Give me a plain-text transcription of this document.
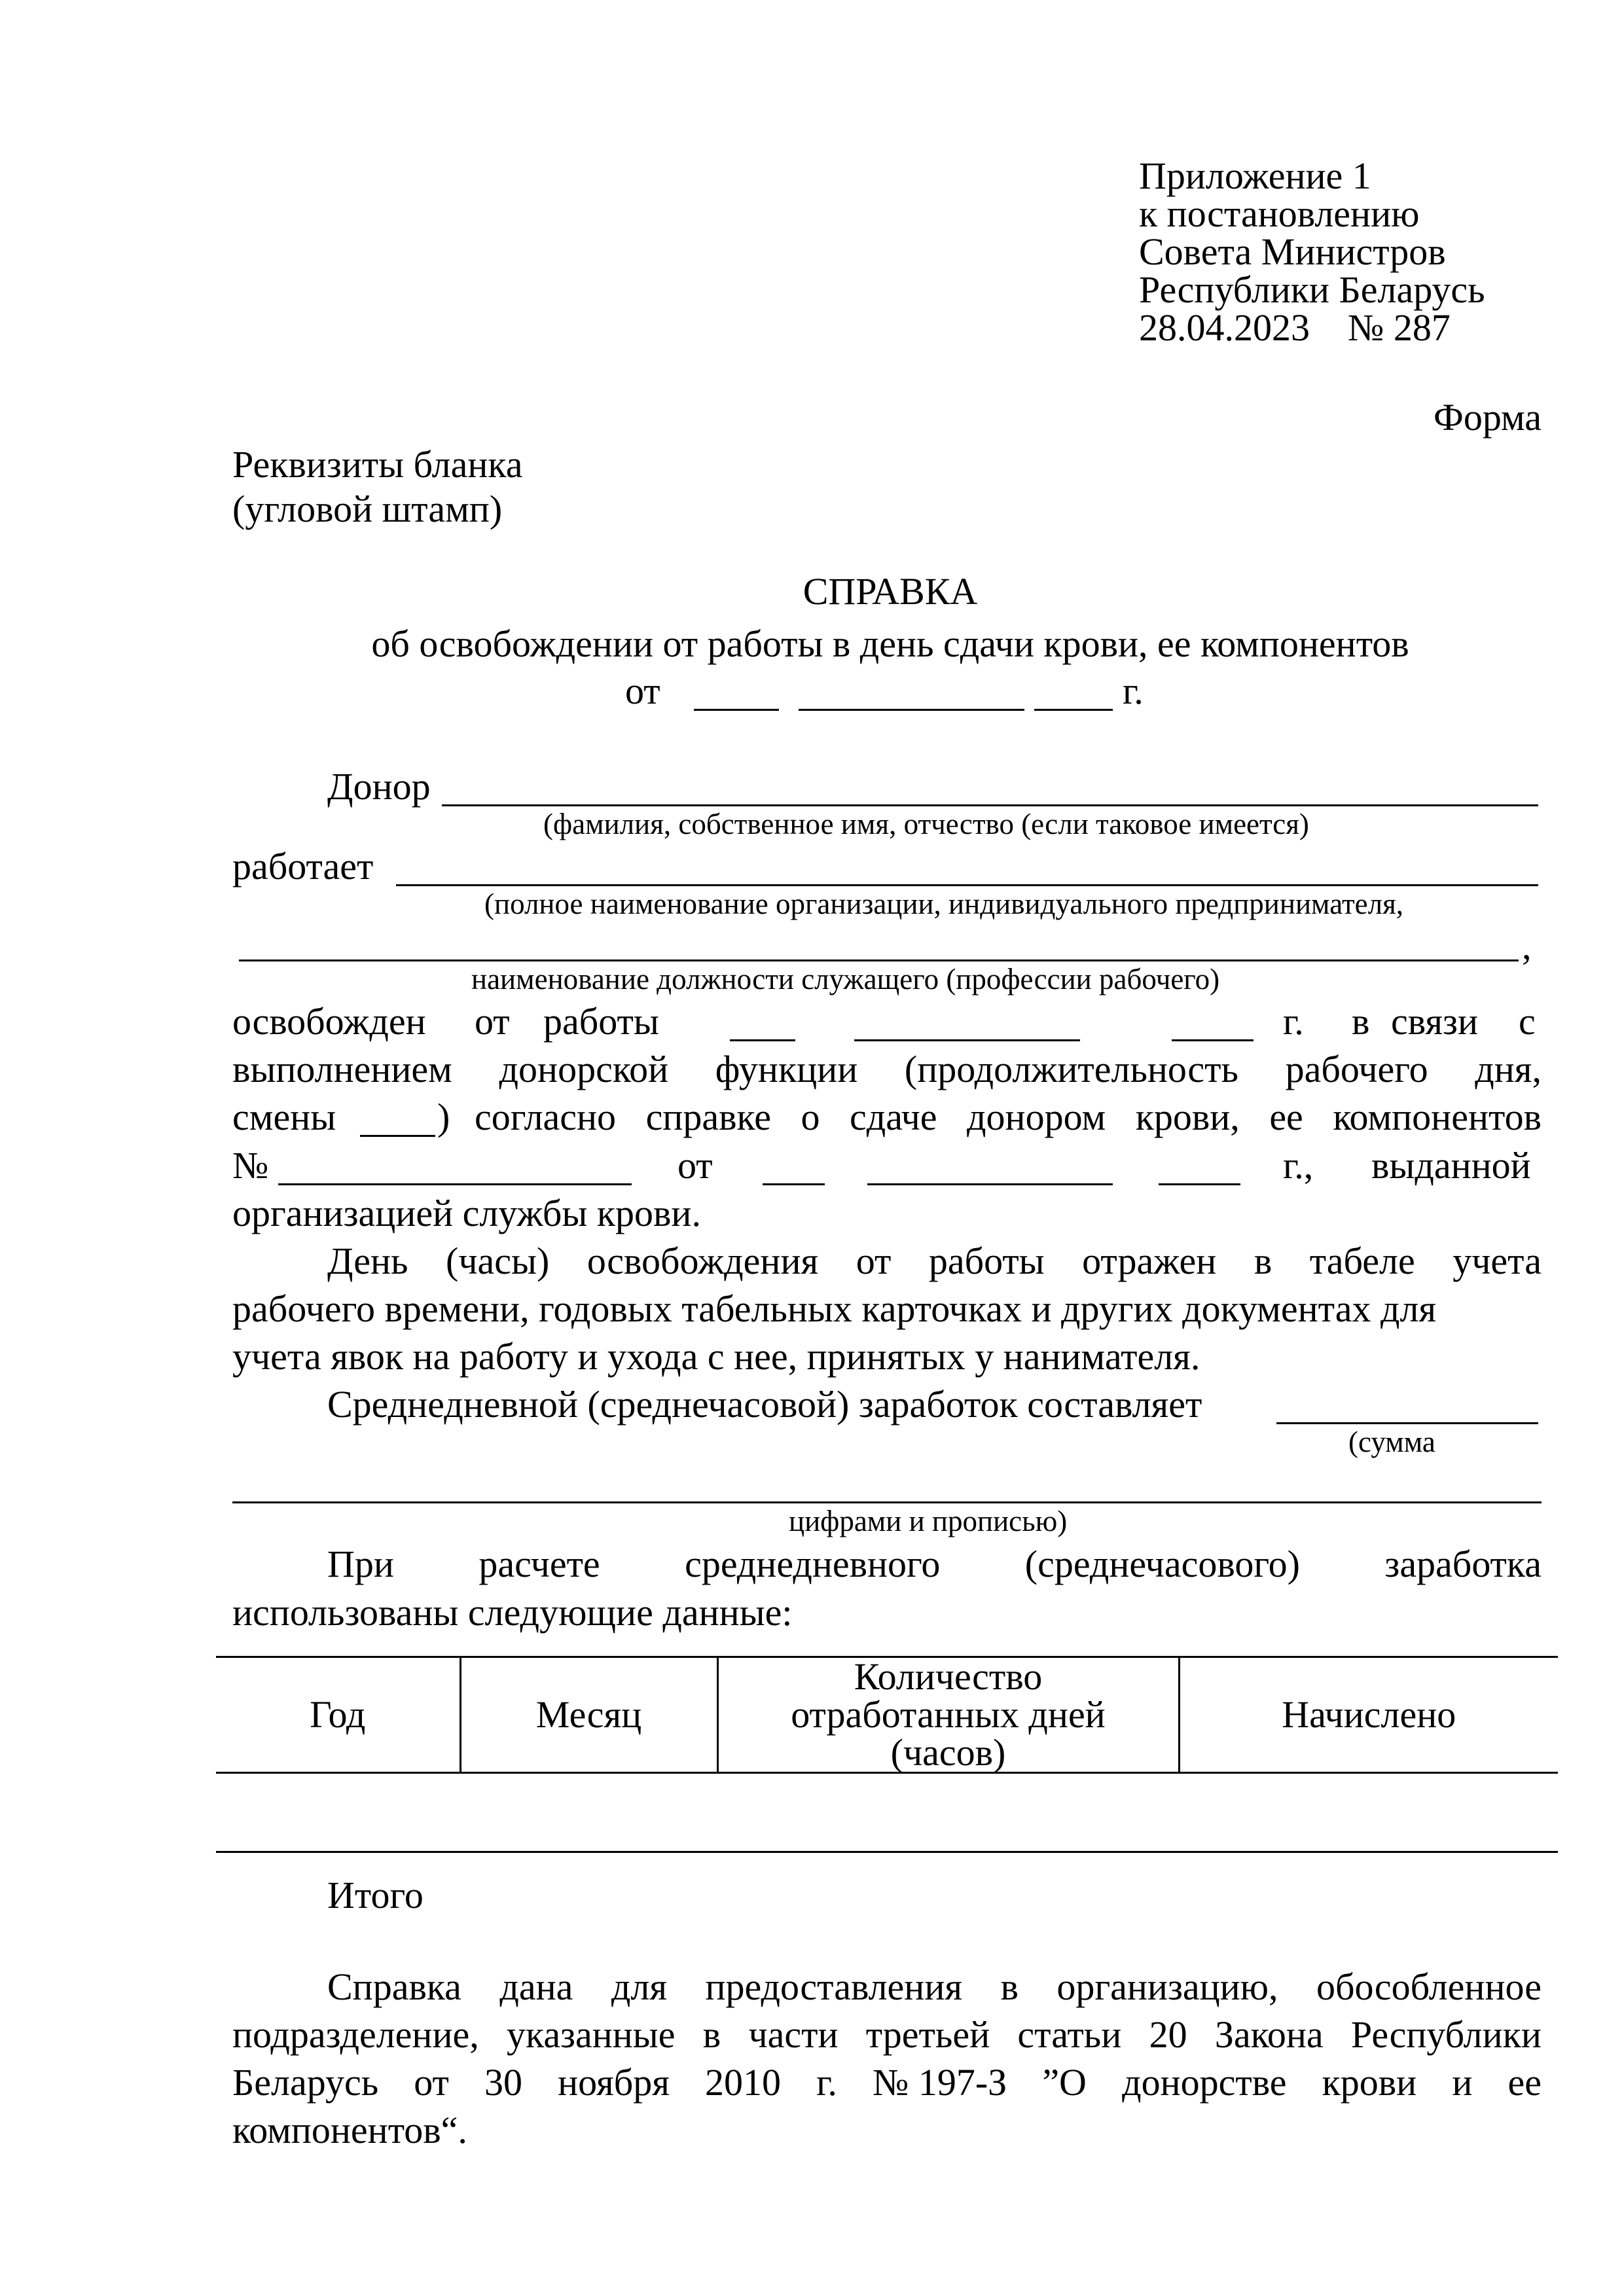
Приложение 1
к постановлению
Совета Министров
Республики Беларусь
28.04.2023    № 287
Форма
Реквизиты бланка
(угловой штамп)
СПРАВКА
об освобождении от работы в день сдачи крови, ее компонентов
от	г.
Донор
(фамилия, собственное имя, отчество (если таковое имеется)
работает
(полное наименование организации, индивидуального предпринимателя,
,
наименование должности служащего (профессии рабочего)
освобожден от работы	г. в связи с
выполнением донорской функции (продолжительность рабочего дня,
смены	) согласно справке о сдаче донором крови, ее компонентов
№	от	г., выданной
организацией службы крови.
День (часы) освобождения от работы отражен в табеле учета
рабочего времени, годовых табельных карточках и других документах для
учета явок на работу и ухода с нее, принятых у нанимателя.
Среднедневной (среднечасовой) заработок составляет
(сумма
цифрами и прописью)
При расчете среднедневного (среднечасового) заработка
использованы следующие данные:
Год	Месяц	Количество
отработанных дней
(часов)	Начислено

Итого
Справка дана для предоставления в организацию, обособленное
подразделение, указанные в части третьей статьи 20 Закона Республики
Беларусь от 30 ноября 2010 г. № 197-З ”О донорстве крови и ее
компонентов“.
